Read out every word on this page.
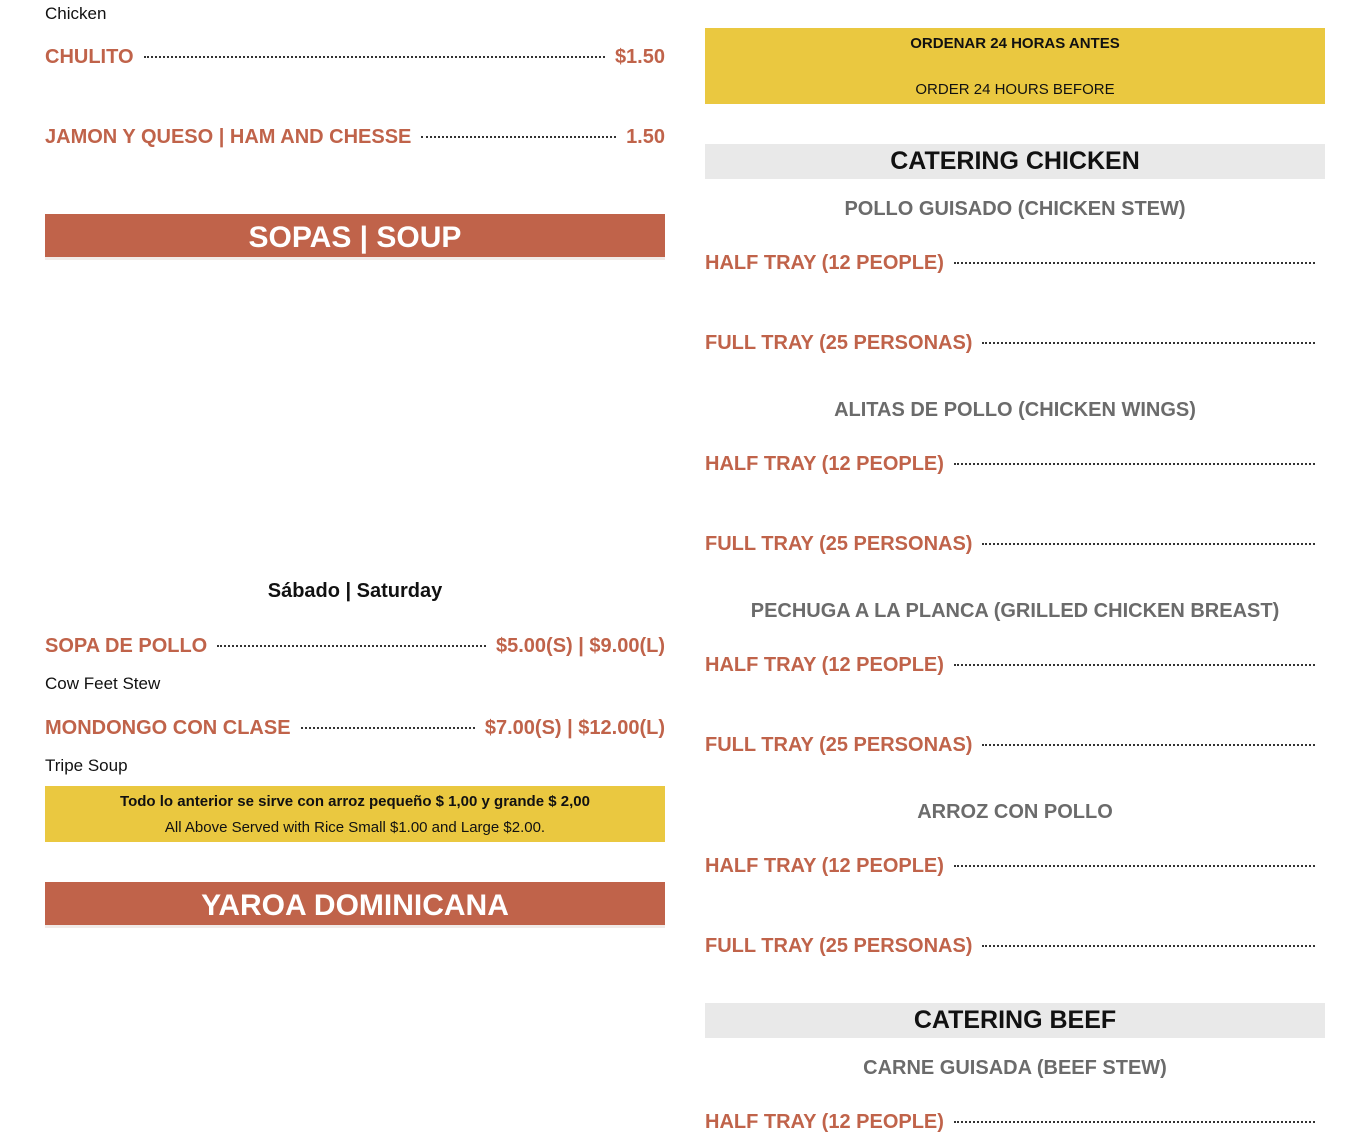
Chicken
CHULITO	$1.50
JAMON Y QUESO | HAM AND CHESSE	1.50
SOPAS | SOUP
Sábado | Saturday
SOPA DE POLLO	$5.00(S) | $9.00(L)
Cow Feet Stew
MONDONGO CON CLASE	$7.00(S) | $12.00(L)
Tripe Soup
Todo lo anterior se sirve con arroz pequeño $ 1,00 y grande $ 2,00
All Above Served with Rice Small $1.00 and Large $2.00.
YAROA DOMINICANA
ORDENAR 24 HORAS ANTES
ORDER 24 HOURS BEFORE
CATERING CHICKEN
POLLO GUISADO (CHICKEN STEW)
HALF TRAY (12 PEOPLE)
FULL TRAY (25 PERSONAS)
ALITAS DE POLLO (CHICKEN WINGS)
HALF TRAY (12 PEOPLE)
FULL TRAY (25 PERSONAS)
PECHUGA A LA PLANCA (GRILLED CHICKEN BREAST)
HALF TRAY (12 PEOPLE)
FULL TRAY (25 PERSONAS)
ARROZ CON POLLO
HALF TRAY (12 PEOPLE)
FULL TRAY (25 PERSONAS)
CATERING BEEF
CARNE GUISADA (BEEF STEW)
HALF TRAY (12 PEOPLE)
